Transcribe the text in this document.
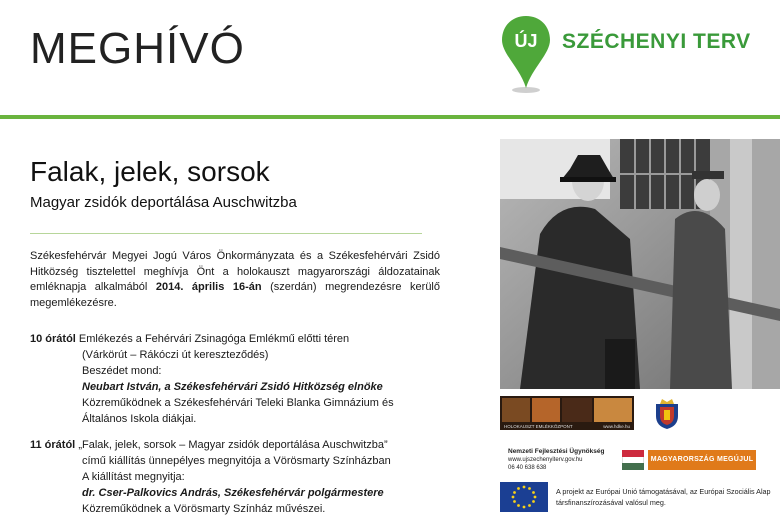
MEGHÍVÓ	ÚJ SZÉCHENYI TERV
Falak, jelek, sorsok
Magyar zsidók deportálása Auschwitzba

Székesfehérvár Megyei Jogú Város Önkormányzata és a Székesfehérvári Zsidó Hitközség tisztelettel meghívja Önt a holokauszt magyarországi áldozatainak emléknapja alkalmából 2014. április 16-án (szerdán) megrendezésre kerülő megemlékezésre.

10 órától Emlékezés a Fehérvári Zsinagóga Emlékmű előtti téren
(Várkörút – Rákóczi út kereszteződés)
Beszédet mond:
Neubart István, a Székesfehérvári Zsidó Hitközség elnöke
Közreműködnek a Székesfehérvári Teleki Blanka Gimnázium és
Általános Iskola diákjai.
11 órától „Falak, jelek, sorsok – Magyar zsidók deportálása Auschwitzba”
című kiállítás ünnepélyes megnyitója a Vörösmarty Színházban
A kiállítást megnyitja:
dr. Cser-Palkovics András, Székesfehérvár polgármestere
Közreműködnek a Vörösmarty Színház művészei.
HOLOKAUSZT EMLÉKKÖZPONT	www.hdke.hu
Nemzeti Fejlesztési Ügynökség
www.ujszechenyiterv.gov.hu
06 40 638 638
MAGYARORSZÁG MEGÚJUL
A projekt az Európai Unió támogatásával, az Európai Szociális Alap társfinanszírozásával valósul meg.
